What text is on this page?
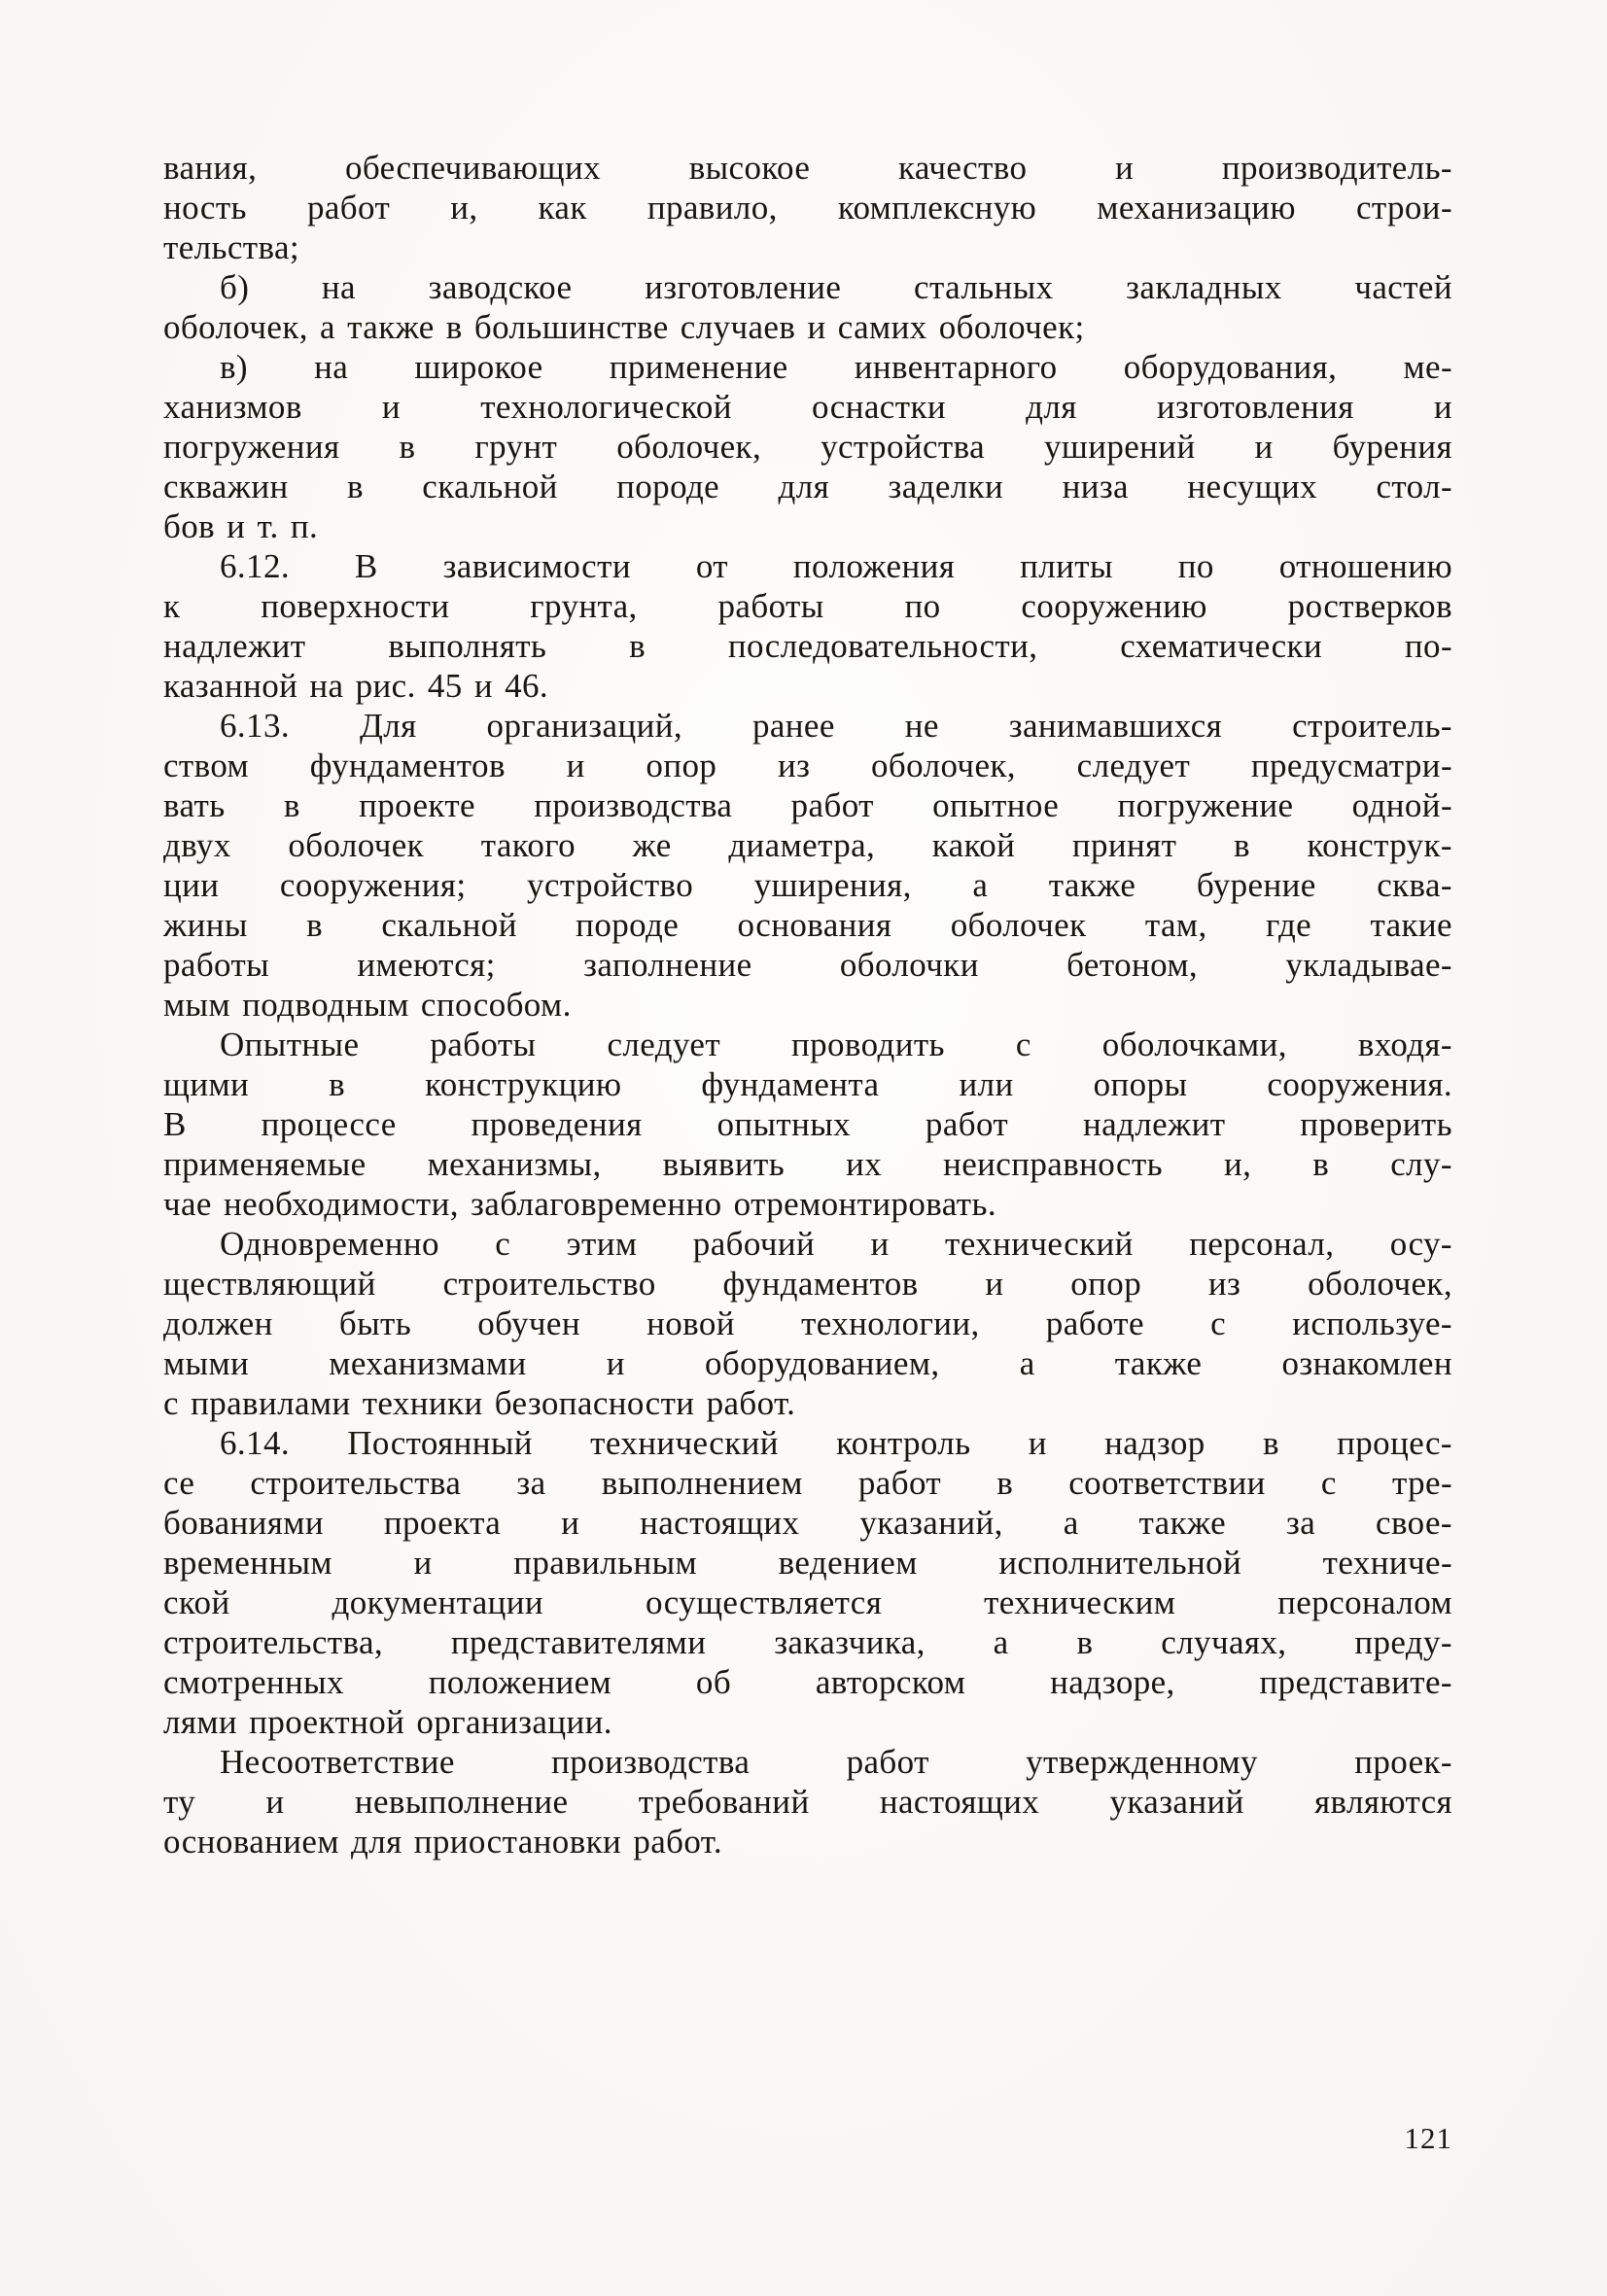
вания, обеспечивающих высокое качество и производитель-
ность работ и, как правило, комплексную механизацию строи-
тельства;
б) на заводское изготовление стальных закладных частей
оболочек, а также в большинстве случаев и самих оболочек;
в) на широкое применение инвентарного оборудования, ме-
ханизмов и технологической оснастки для изготовления и
погружения в грунт оболочек, устройства уширений и бурения
скважин в скальной породе для заделки низа несущих стол-
бов и т. п.
6.12. В зависимости от положения плиты по отношению
к поверхности грунта, работы по сооружению ростверков
надлежит выполнять в последовательности, схематически по-
казанной на рис. 45 и 46.
6.13. Для организаций, ранее не занимавшихся строитель-
ством фундаментов и опор из оболочек, следует предусматри-
вать в проекте производства работ опытное погружение одной-
двух оболочек такого же диаметра, какой принят в конструк-
ции сооружения; устройство уширения, а также бурение сква-
жины в скальной породе основания оболочек там, где такие
работы имеются; заполнение оболочки бетоном, укладывае-
мым подводным способом.
Опытные работы следует проводить с оболочками, входя-
щими в конструкцию фундамента или опоры сооружения.
В процессе проведения опытных работ надлежит проверить
применяемые механизмы, выявить их неисправность и, в слу-
чае необходимости, заблаговременно отремонтировать.
Одновременно с этим рабочий и технический персонал, осу-
ществляющий строительство фундаментов и опор из оболочек,
должен быть обучен новой технологии, работе с используе-
мыми механизмами и оборудованием, а также ознакомлен
с правилами техники безопасности работ.
6.14. Постоянный технический контроль и надзор в процес-
се строительства за выполнением работ в соответствии с тре-
бованиями проекта и настоящих указаний, а также за свое-
временным и правильным ведением исполнительной техниче-
ской документации осуществляется техническим персоналом
строительства, представителями заказчика, а в случаях, преду-
смотренных положением об авторском надзоре, представите-
лями проектной организации.
Несоответствие производства работ утвержденному проек-
ту и невыполнение требований настоящих указаний являются
основанием для приостановки работ.
121
